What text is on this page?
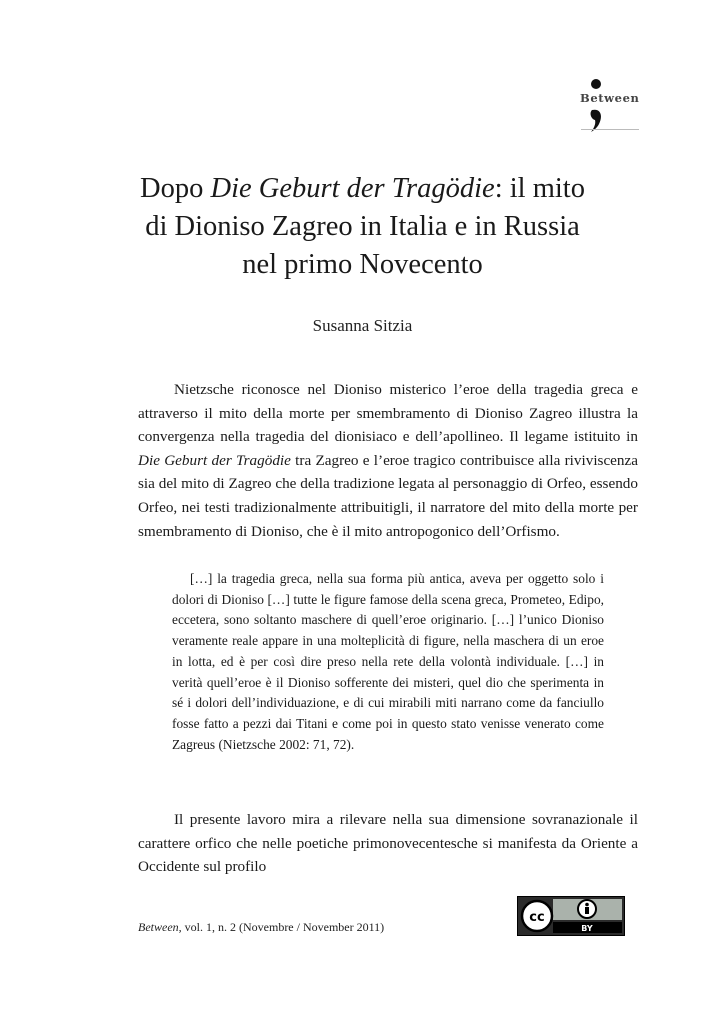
Between
Dopo Die Geburt der Tragödie: il mito
di Dioniso Zagreo in Italia e in Russia
nel primo Novecento
Susanna Sitzia
Nietzsche riconosce nel Dioniso misterico l’eroe della tragedia greca e attraverso il mito della morte per smembramento di Dioniso Zagreo illustra la convergenza nella tragedia del dionisiaco e dell’apollineo. Il legame istituito in Die Geburt der Tragödie tra Zagreo e l’eroe tragico contribuisce alla riviviscenza sia del mito di Zagreo che della tradizione legata al personaggio di Orfeo, essendo Orfeo, nei testi tradizionalmente attribuitigli, il narratore del mito della morte per smembramento di Dioniso, che è il mito antropogonico dell’Orfismo.
[…] la tragedia greca, nella sua forma più antica, aveva per oggetto solo i dolori di Dioniso […] tutte le figure famose della scena greca, Prometeo, Edipo, eccetera, sono soltanto maschere di quell’eroe originario. […] l’unico Dioniso veramente reale appare in una molteplicità di figure, nella maschera di un eroe in lotta, ed è per così dire preso nella rete della volontà individuale. […] in verità quell’eroe è il Dioniso sofferente dei misteri, quel dio che sperimenta in sé i dolori dell’individuazione, e di cui mirabili miti narrano come da fanciullo fosse fatto a pezzi dai Titani e come poi in questo stato venisse venerato come Zagreus (Nietzsche 2002: 71, 72).
Il presente lavoro mira a rilevare nella sua dimensione sovranazionale il carattere orfico che nelle poetiche primonovecentesche si manifesta da Oriente a Occidente sul profilo
Between, vol. 1, n. 2 (Novembre / November 2011)
cc
BY
